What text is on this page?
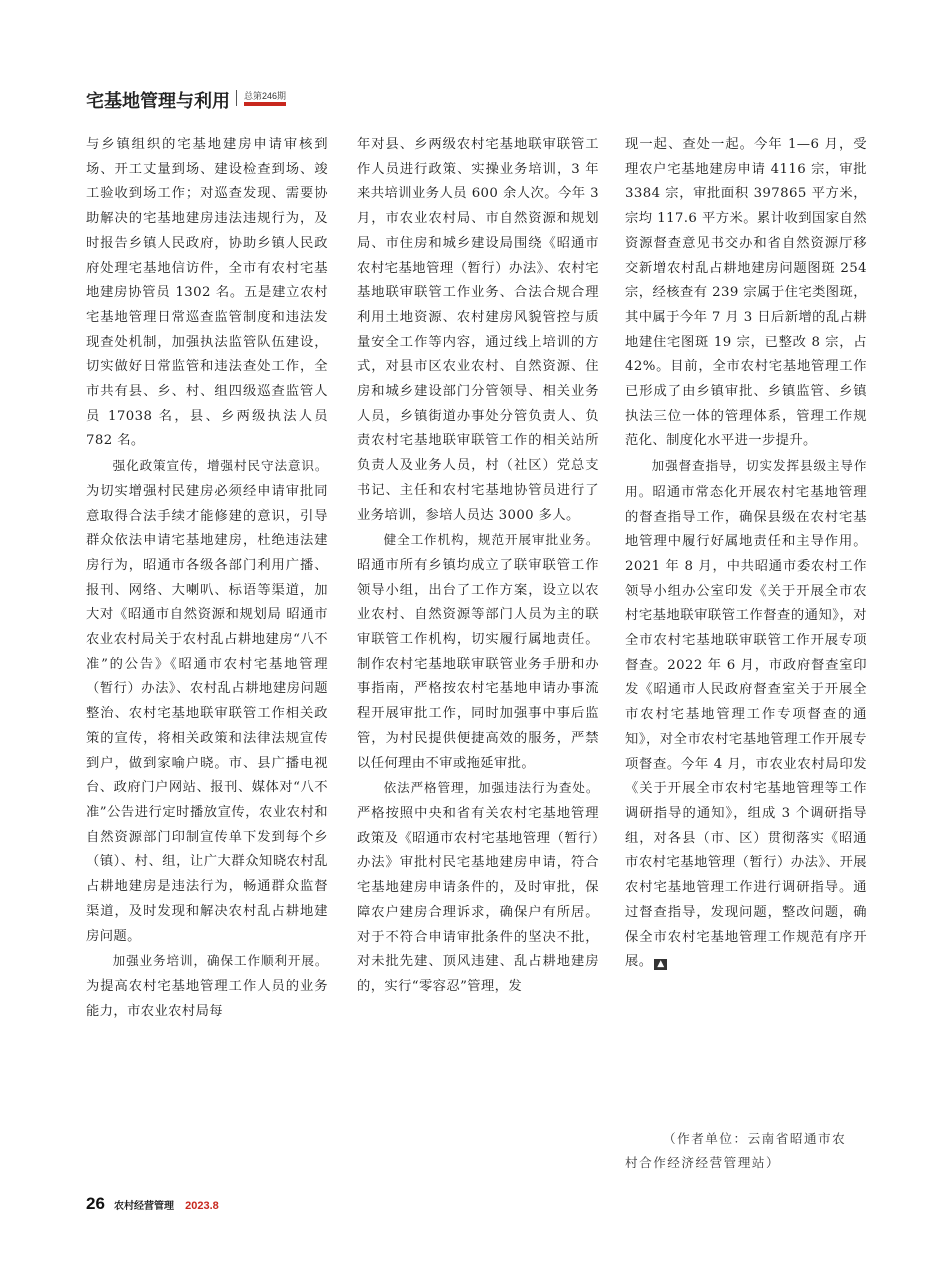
宅基地管理与利用 总第246期

与乡镇组织的宅基地建房申请审核到场、开工丈量到场、建设检查到场、竣工验收到场工作；对巡查发现、需要协助解决的宅基地建房违法违规行为，及时报告乡镇人民政府，协助乡镇人民政府处理宅基地信访件，全市有农村宅基地建房协管员 1302 名。五是建立农村宅基地管理日常巡查监管制度和违法发现查处机制，加强执法监管队伍建设，切实做好日常监管和违法查处工作，全市共有县、乡、村、组四级巡查监管人员 17038 名，县、乡两级执法人员 782 名。

强化政策宣传，增强村民守法意识。为切实增强村民建房必须经申请审批同意取得合法手续才能修建的意识，引导群众依法申请宅基地建房，杜绝违法建房行为，昭通市各级各部门利用广播、报刊、网络、大喇叭、标语等渠道，加大对《昭通市自然资源和规划局 昭通市农业农村局关于农村乱占耕地建房“八不准”的公告》《昭通市农村宅基地管理（暂行）办法》、农村乱占耕地建房问题整治、农村宅基地联审联管工作相关政策的宣传，将相关政策和法律法规宣传到户，做到家喻户晓。市、县广播电视台、政府门户网站、报刊、媒体对“八不准”公告进行定时播放宣传，农业农村和自然资源部门印制宣传单下发到每个乡（镇）、村、组，让广大群众知晓农村乱占耕地建房是违法行为，畅通群众监督渠道，及时发现和解决农村乱占耕地建房问题。

加强业务培训，确保工作顺利开展。为提高农村宅基地管理工作人员的业务能力，市农业农村局每

年对县、乡两级农村宅基地联审联管工作人员进行政策、实操业务培训，3 年来共培训业务人员 600 余人次。今年 3 月，市农业农村局、市自然资源和规划局、市住房和城乡建设局围绕《昭通市农村宅基地管理（暂行）办法》、农村宅基地联审联管工作业务、合法合规合理利用土地资源、农村建房风貌管控与质量安全工作等内容，通过线上培训的方式，对县市区农业农村、自然资源、住房和城乡建设部门分管领导、相关业务人员，乡镇街道办事处分管负责人、负责农村宅基地联审联管工作的相关站所负责人及业务人员，村（社区）党总支书记、主任和农村宅基地协管员进行了业务培训，参培人员达 3000 多人。

健全工作机构，规范开展审批业务。昭通市所有乡镇均成立了联审联管工作领导小组，出台了工作方案，设立以农业农村、自然资源等部门人员为主的联审联管工作机构，切实履行属地责任。制作农村宅基地联审联管业务手册和办事指南，严格按农村宅基地申请办事流程开展审批工作，同时加强事中事后监管，为村民提供便捷高效的服务，严禁以任何理由不审或拖延审批。

依法严格管理，加强违法行为查处。严格按照中央和省有关农村宅基地管理政策及《昭通市农村宅基地管理（暂行）办法》审批村民宅基地建房申请，符合宅基地建房申请条件的，及时审批，保障农户建房合理诉求，确保户有所居。对于不符合申请审批条件的坚决不批，对未批先建、顶风违建、乱占耕地建房的，实行“零容忍”管理，发

现一起、查处一起。今年 1—6 月，受理农户宅基地建房申请 4116 宗，审批 3384 宗，审批面积 397865 平方米，宗均 117.6 平方米。累计收到国家自然资源督查意见书交办和省自然资源厅移交新增农村乱占耕地建房问题图斑 254 宗，经核查有 239 宗属于住宅类图斑，其中属于今年 7 月 3 日后新增的乱占耕地建住宅图斑 19 宗，已整改 8 宗，占 42%。目前，全市农村宅基地管理工作已形成了由乡镇审批、乡镇监管、乡镇执法三位一体的管理体系，管理工作规范化、制度化水平进一步提升。

加强督查指导，切实发挥县级主导作用。昭通市常态化开展农村宅基地管理的督查指导工作，确保县级在农村宅基地管理中履行好属地责任和主导作用。2021 年 8 月，中共昭通市委农村工作领导小组办公室印发《关于开展全市农村宅基地联审联管工作督查的通知》，对全市农村宅基地联审联管工作开展专项督查。2022 年 6 月，市政府督查室印发《昭通市人民政府督查室关于开展全市农村宅基地管理工作专项督查的通知》，对全市农村宅基地管理工作开展专项督查。今年 4 月，市农业农村局印发《关于开展全市农村宅基地管理等工作调研指导的通知》，组成 3 个调研指导组，对各县（市、区）贯彻落实《昭通市农村宅基地管理（暂行）办法》、开展农村宅基地管理工作进行调研指导。通过督查指导，发现问题，整改问题，确保全市农村宅基地管理工作规范有序开展。 ▲

（作者单位：云南省昭通市农
村合作经济经营管理站）
26 农村经营管理 2023.8
